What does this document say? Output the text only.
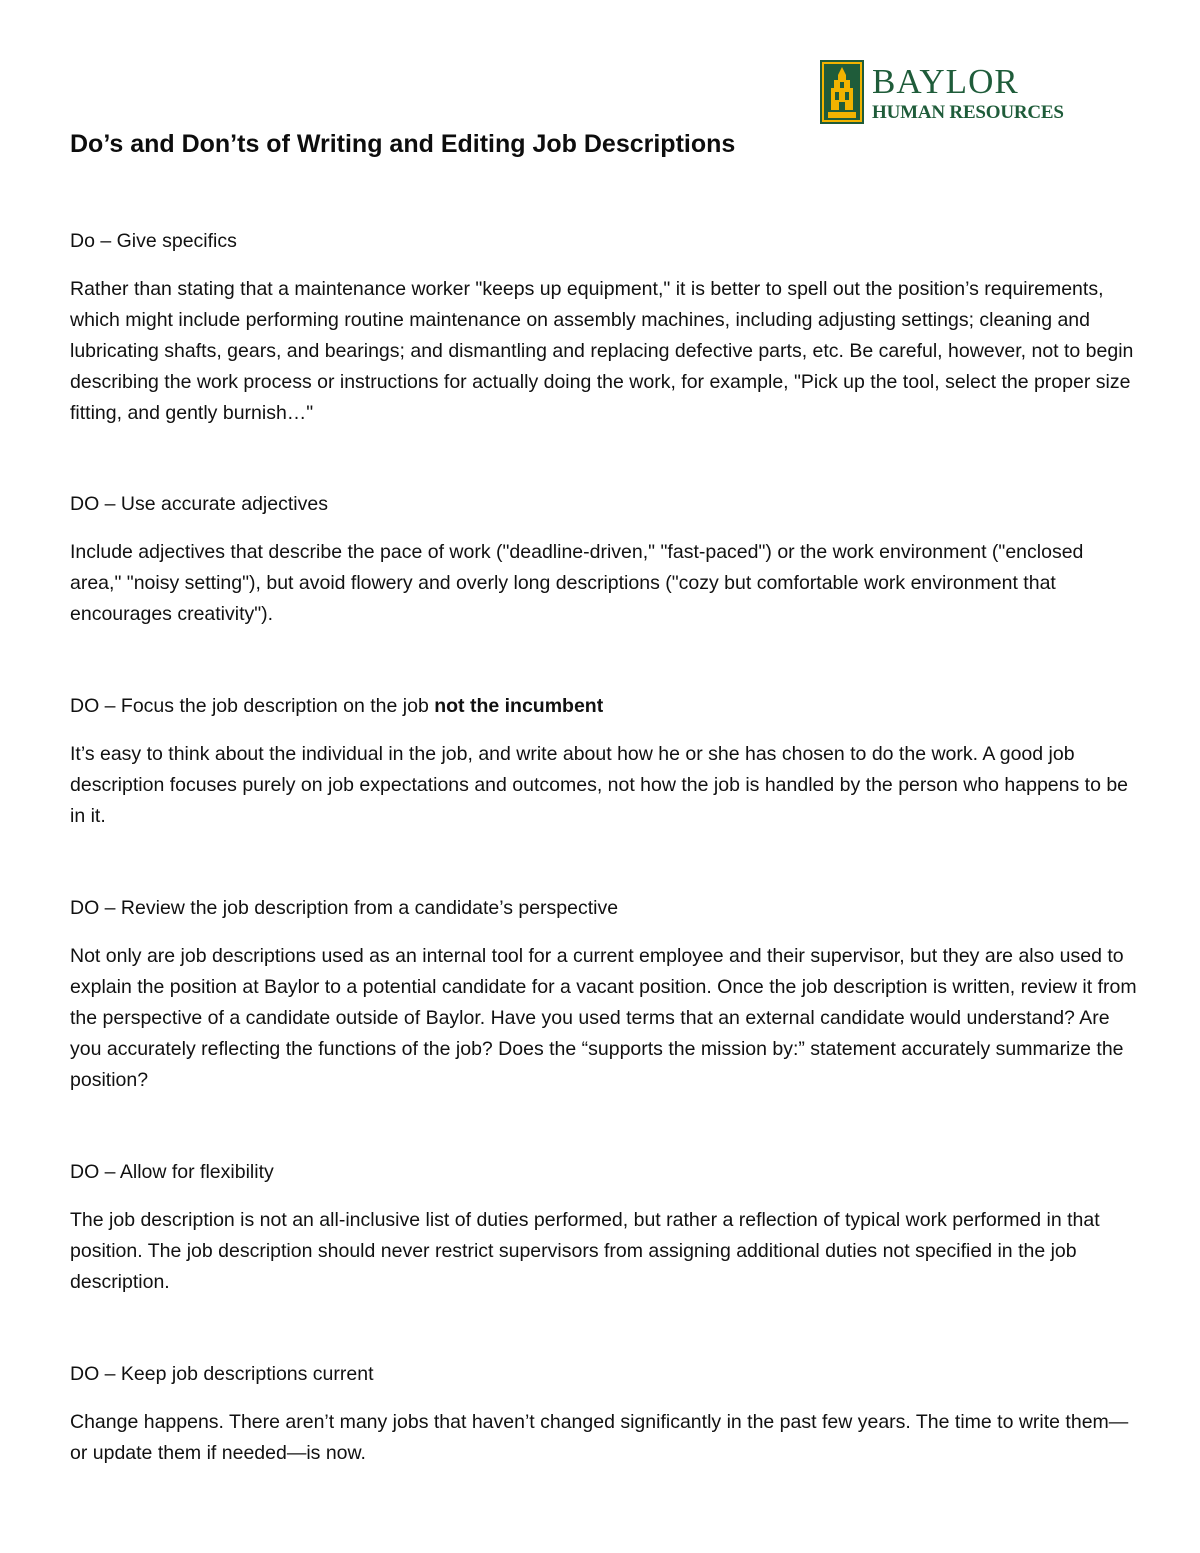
BAYLOR
HUMAN RESOURCES
Do’s and Don’ts of Writing and Editing Job Descriptions

Do – Give specifics

Rather than stating that a maintenance worker "keeps up equipment," it is better to spell out the position’s requirements, which might include performing routine maintenance on assembly machines, including adjusting settings; cleaning and lubricating shafts, gears, and bearings; and dismantling and replacing defective parts, etc. Be careful, however, not to begin describing the work process or instructions for actually doing the work, for example, "Pick up the tool, select the proper size fitting, and gently burnish…"

DO – Use accurate adjectives

Include adjectives that describe the pace of work ("deadline-driven," "fast-paced") or the work environment ("enclosed area," "noisy setting"), but avoid flowery and overly long descriptions ("cozy but comfortable work environment that encourages creativity").

DO – Focus the job description on the job not the incumbent

It’s easy to think about the individual in the job, and write about how he or she has chosen to do the work. A good job description focuses purely on job expectations and outcomes, not how the job is handled by the person who happens to be in it.

DO – Review the job description from a candidate’s perspective

Not only are job descriptions used as an internal tool for a current employee and their supervisor, but they are also used to explain the position at Baylor to a potential candidate for a vacant position. Once the job description is written, review it from the perspective of a candidate outside of Baylor. Have you used terms that an external candidate would understand? Are you accurately reflecting the functions of the job? Does the “supports the mission by:” statement accurately summarize the position?

DO – Allow for flexibility

The job description is not an all-inclusive list of duties performed, but rather a reflection of typical work performed in that position. The job description should never restrict supervisors from assigning additional duties not specified in the job description.

DO – Keep job descriptions current

Change happens. There aren’t many jobs that haven’t changed significantly in the past few years. The time to write them—or update them if needed—is now.
